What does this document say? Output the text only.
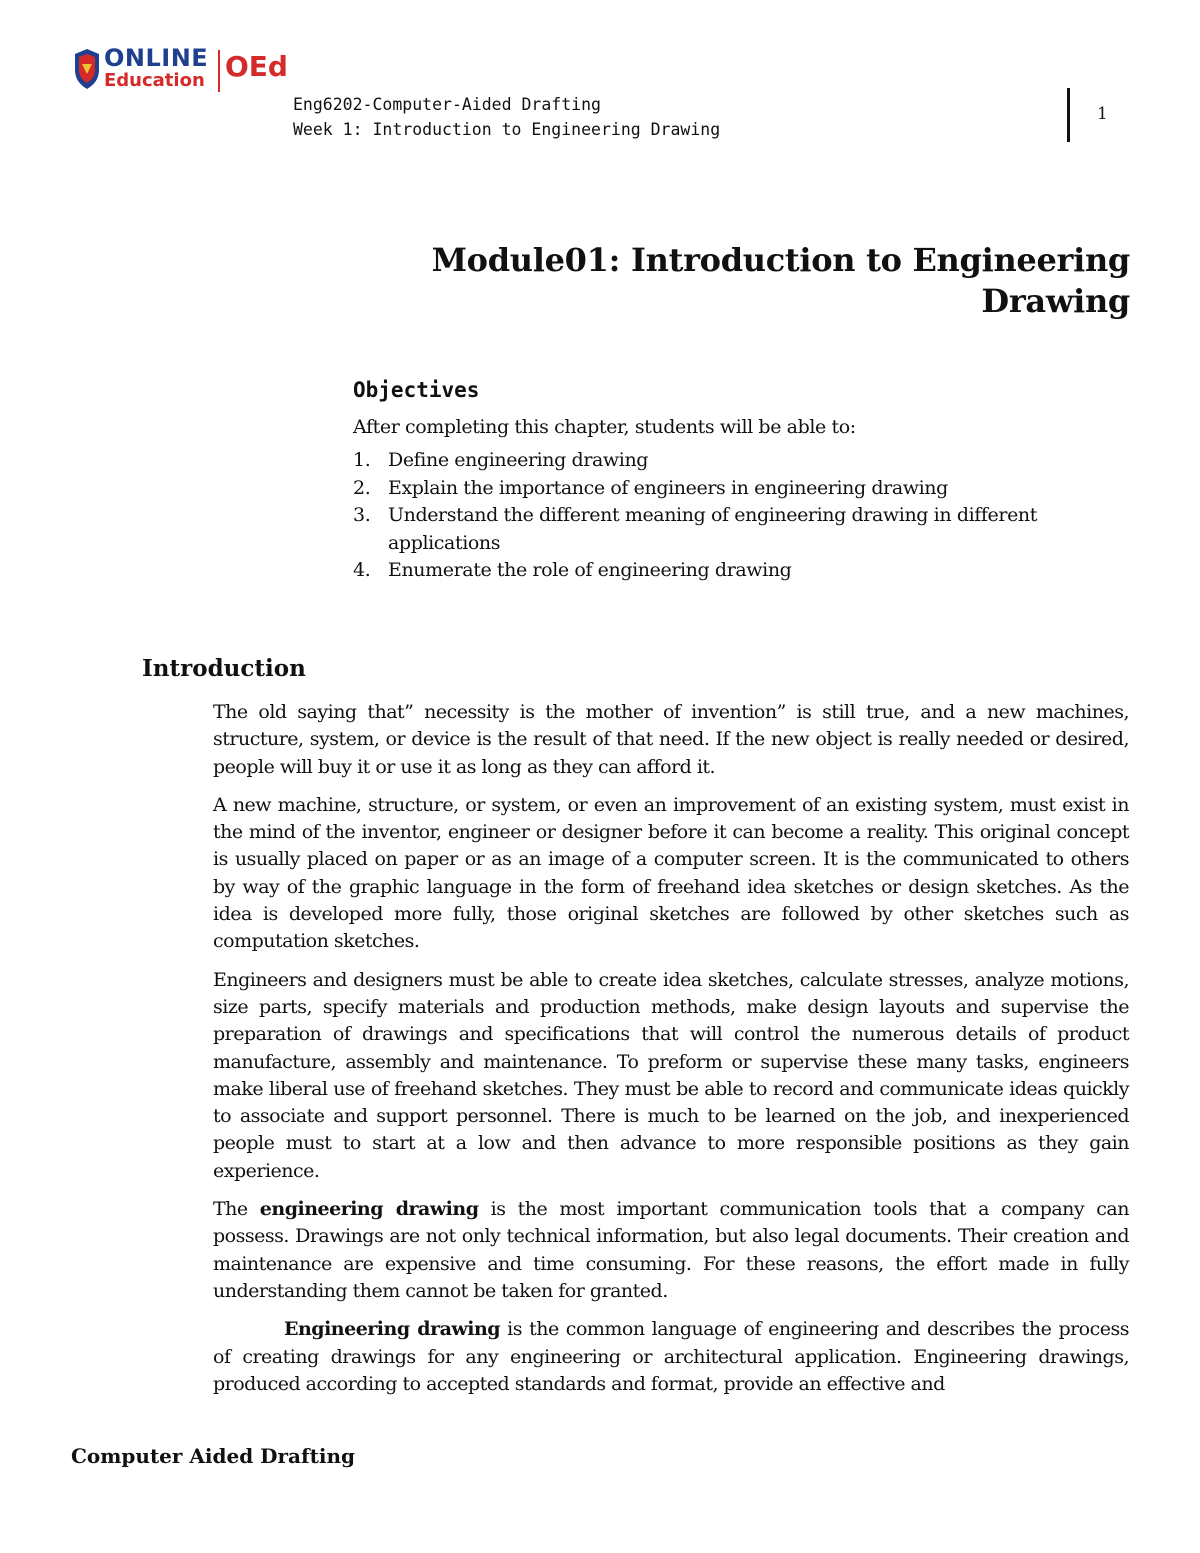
ONLINE
Education OEd
Eng6202-Computer-Aided Drafting
Week 1: Introduction to Engineering Drawing
1
Module01: Introduction to Engineering
Drawing
Objectives

After completing this chapter, students will be able to:

1. Define engineering drawing
2. Explain the importance of engineers in engineering drawing
3. Understand the different meaning of engineering drawing in different applications
4. Enumerate the role of engineering drawing
Introduction

The old saying that” necessity is the mother of invention” is still true, and a new machines, structure, system, or device is the result of that need. If the new object is really needed or desired, people will buy it or use it as long as they can afford it.

A new machine, structure, or system, or even an improvement of an existing system, must exist in the mind of the inventor, engineer or designer before it can become a reality. This original concept is usually placed on paper or as an image of a computer screen. It is the communicated to others by way of the graphic language in the form of freehand idea sketches or design sketches. As the idea is developed more fully, those original sketches are followed by other sketches such as computation sketches.

Engineers and designers must be able to create idea sketches, calculate stresses, analyze motions, size parts, specify materials and production methods, make design layouts and supervise the preparation of drawings and specifications that will control the numerous details of product manufacture, assembly and maintenance. To preform or supervise these many tasks, engineers make liberal use of freehand sketches. They must be able to record and communicate ideas quickly to associate and support personnel. There is much to be learned on the job, and inexperienced people must to start at a low and then advance to more responsible positions as they gain experience.

The engineering drawing is the most important communication tools that a company can possess. Drawings are not only technical information, but also legal documents. Their creation and maintenance are expensive and time consuming. For these reasons, the effort made in fully understanding them cannot be taken for granted.

Engineering drawing is the common language of engineering and describes the process of creating drawings for any engineering or architectural application. Engineering drawings, produced according to accepted standards and format, provide an effective and

Computer Aided Drafting
